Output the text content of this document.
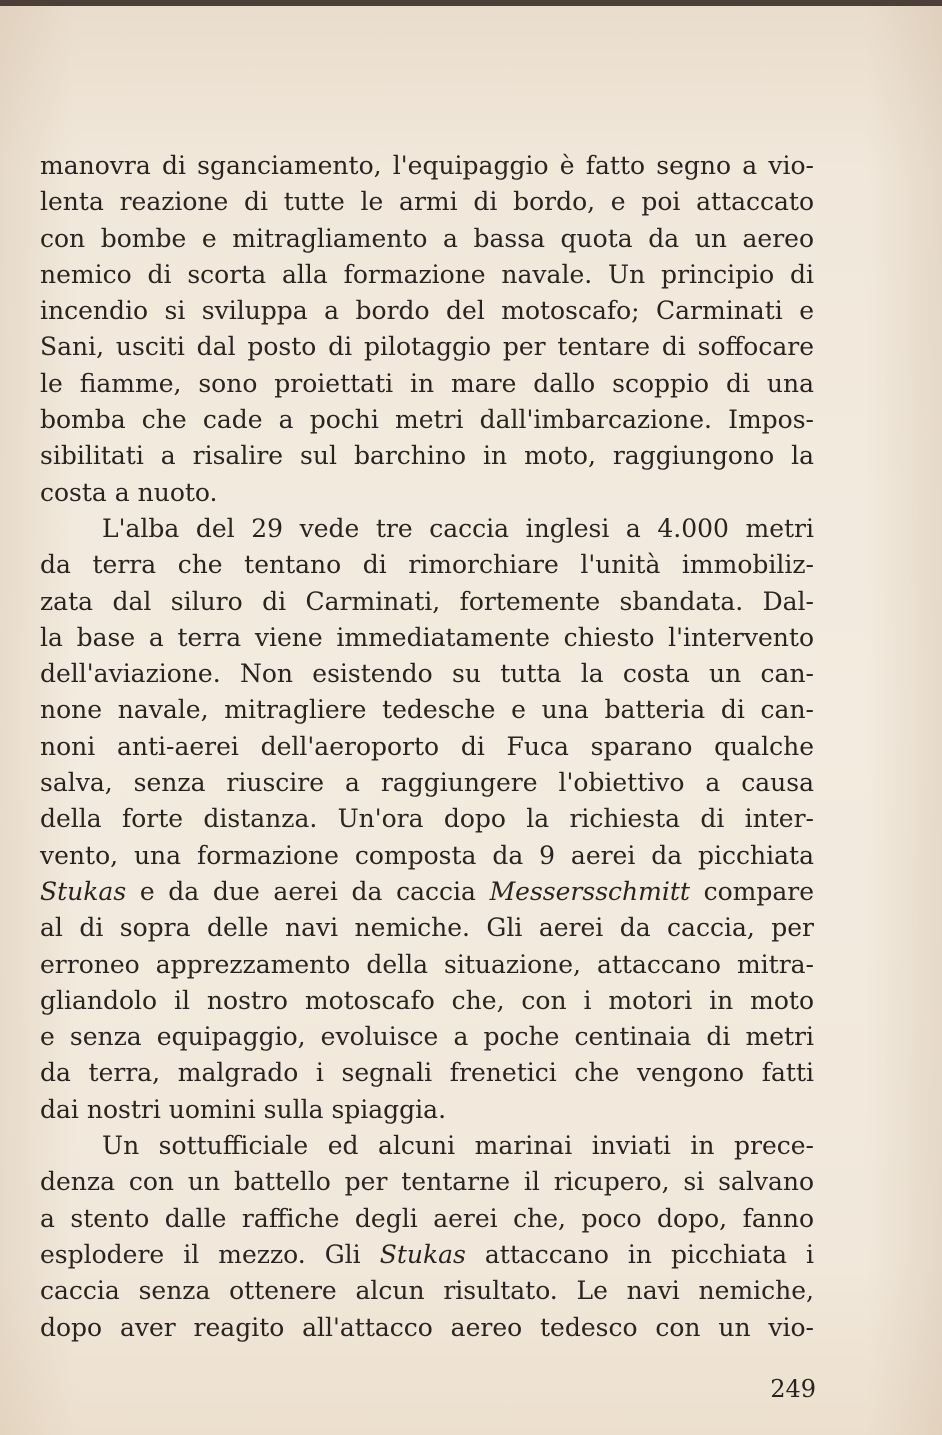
manovra di sganciamento, l'equipaggio è fatto segno a vio-
lenta reazione di tutte le armi di bordo, e poi attaccato
con bombe e mitragliamento a bassa quota da un aereo
nemico di scorta alla formazione navale. Un principio di
incendio si sviluppa a bordo del motoscafo; Carminati e
Sani, usciti dal posto di pilotaggio per tentare di soffocare
le fiamme, sono proiettati in mare dallo scoppio di una
bomba che cade a pochi metri dall'imbarcazione. Impos-
sibilitati a risalire sul barchino in moto, raggiungono la
costa a nuoto.
L'alba del 29 vede tre caccia inglesi a 4.000 metri
da terra che tentano di rimorchiare l'unità immobiliz-
zata dal siluro di Carminati, fortemente sbandata. Dal-
la base a terra viene immediatamente chiesto l'intervento
dell'aviazione. Non esistendo su tutta la costa un can-
none navale, mitragliere tedesche e una batteria di can-
noni anti-aerei dell'aeroporto di Fuca sparano qualche
salva, senza riuscire a raggiungere l'obiettivo a causa
della forte distanza. Un'ora dopo la richiesta di inter-
vento, una formazione composta da 9 aerei da picchiata
Stukas e da due aerei da caccia Messersschmitt compare
al di sopra delle navi nemiche. Gli aerei da caccia, per
erroneo apprezzamento della situazione, attaccano mitra-
gliandolo il nostro motoscafo che, con i motori in moto
e senza equipaggio, evoluisce a poche centinaia di metri
da terra, malgrado i segnali frenetici che vengono fatti
dai nostri uomini sulla spiaggia.
Un sottufficiale ed alcuni marinai inviati in prece-
denza con un battello per tentarne il ricupero, si salvano
a stento dalle raffiche degli aerei che, poco dopo, fanno
esplodere il mezzo. Gli Stukas attaccano in picchiata i
caccia senza ottenere alcun risultato. Le navi nemiche,
dopo aver reagito all'attacco aereo tedesco con un vio-
249
